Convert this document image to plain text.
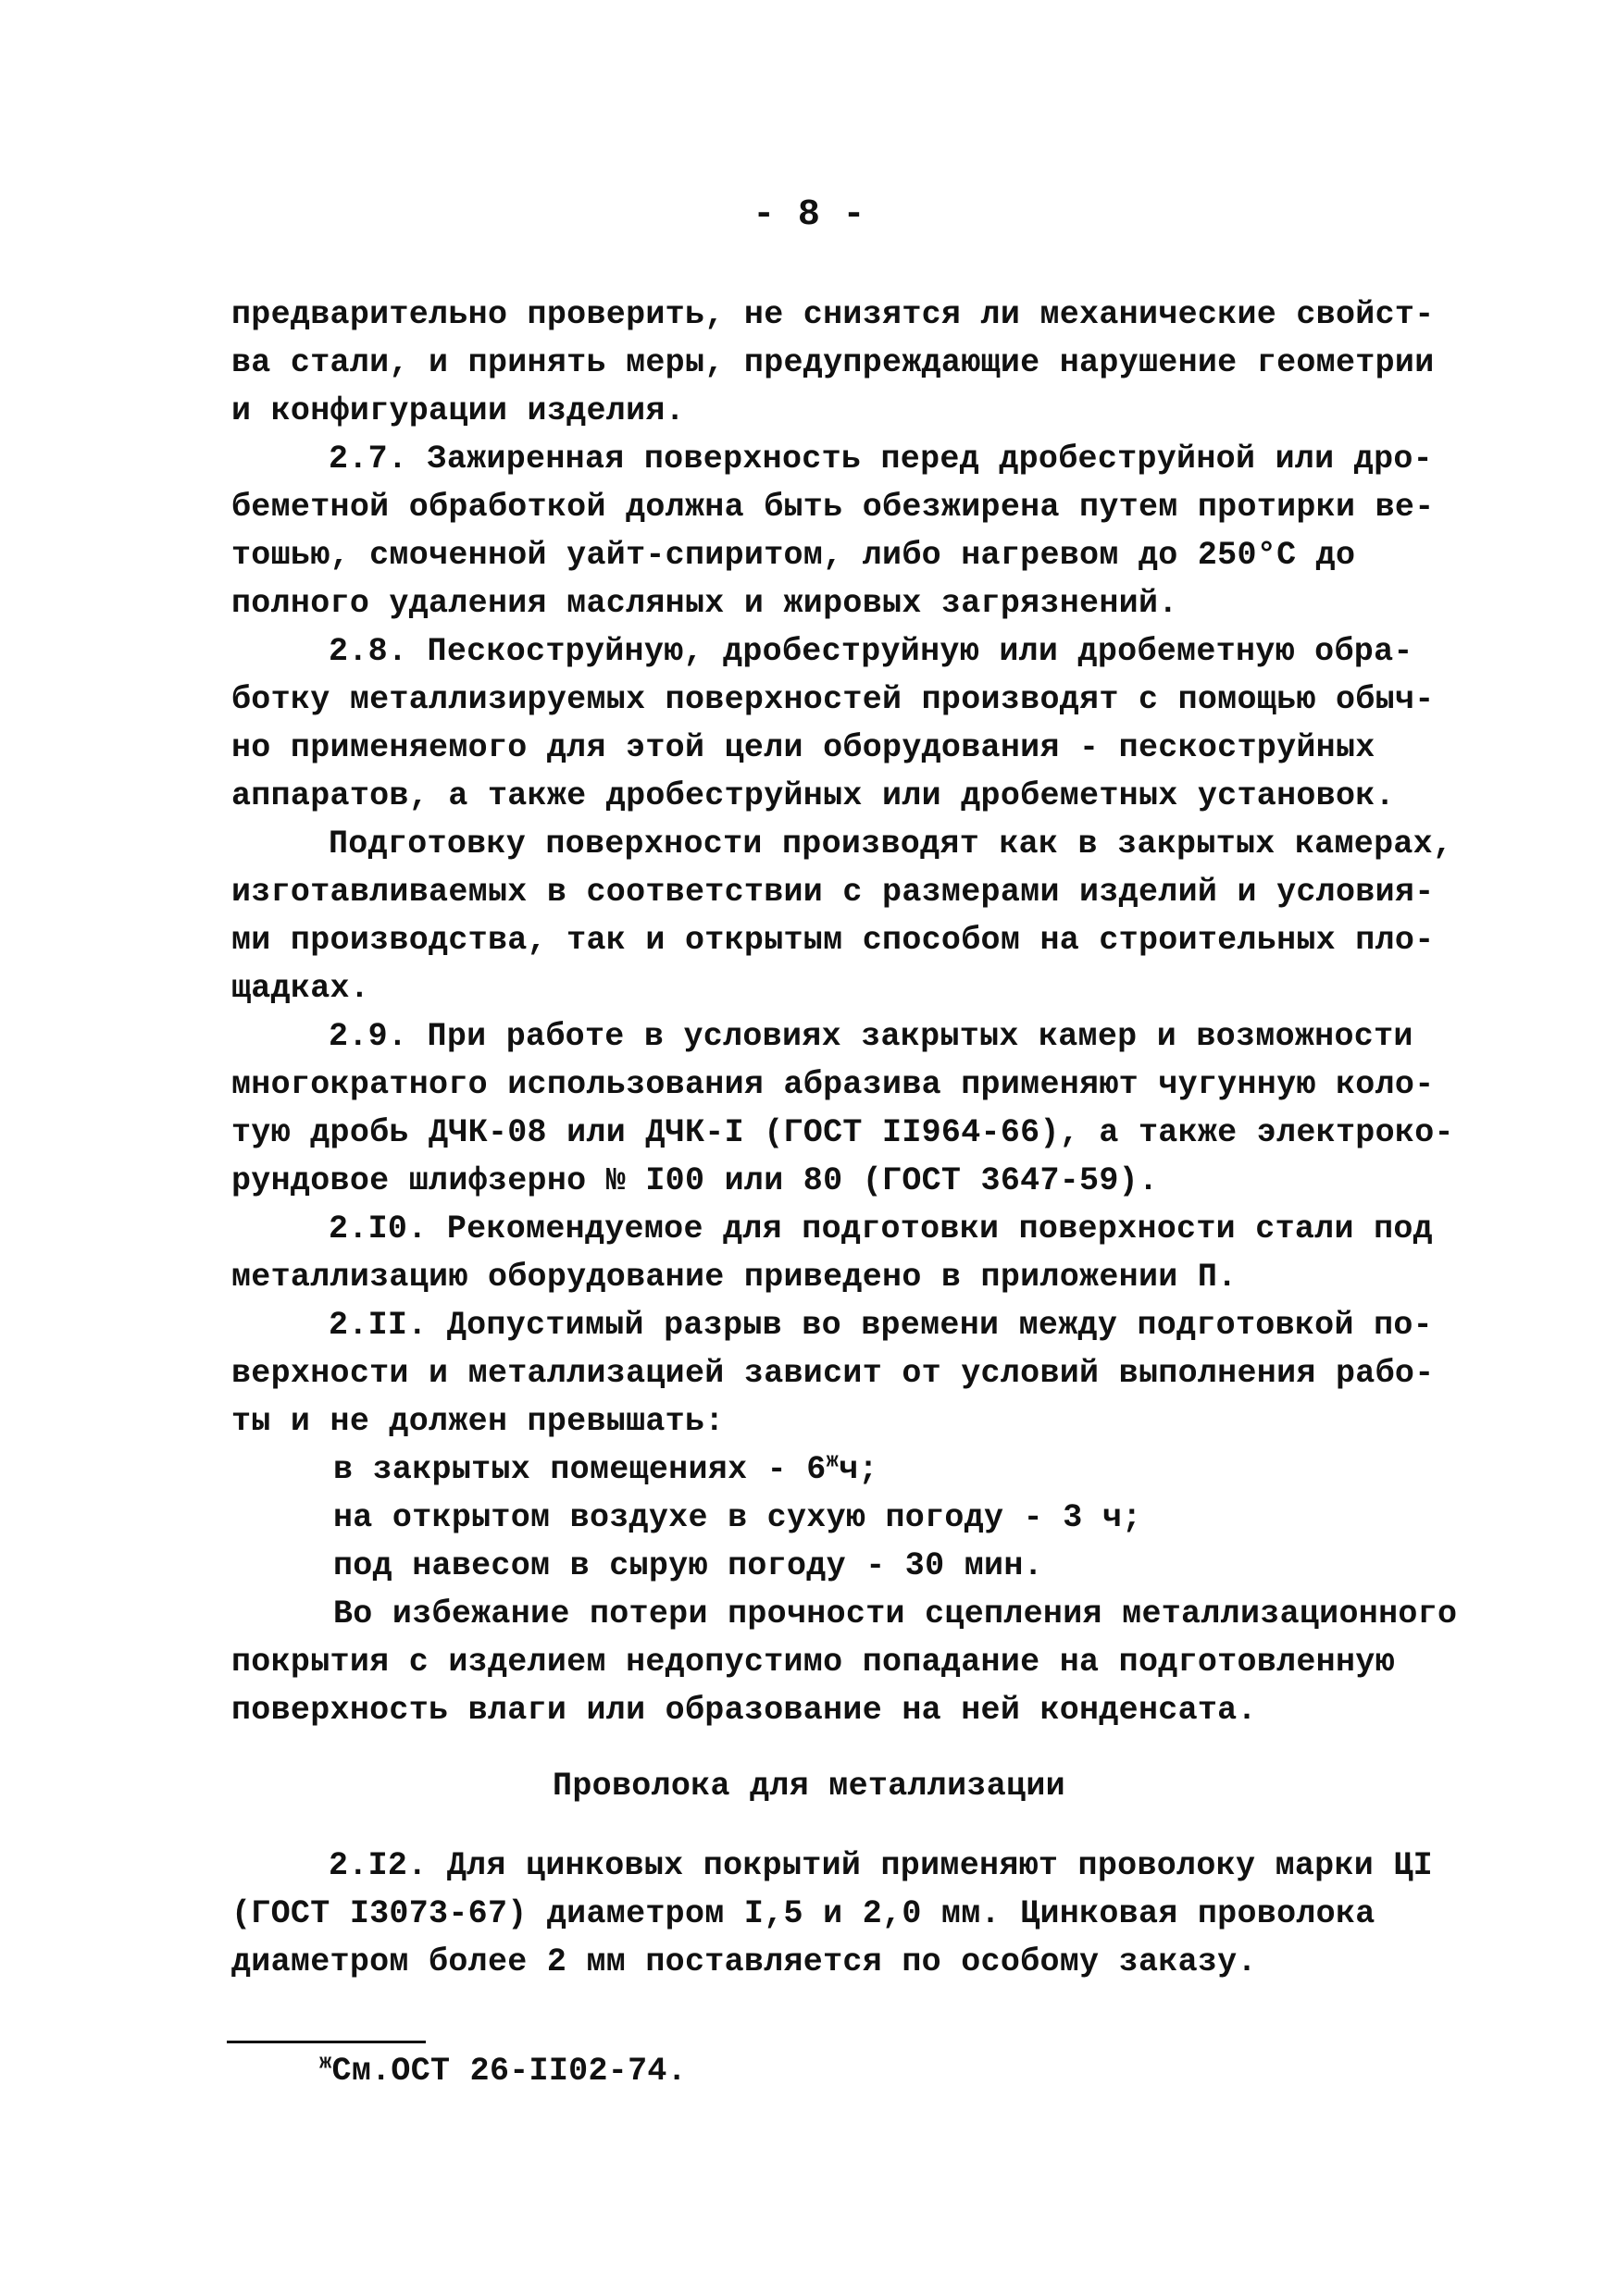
- 8 -
предварительно проверить, не снизятся ли механические свойст-
ва стали, и принять меры, предупреждающие нарушение геометрии
и конфигурации изделия.
2.7. Зажиренная поверхность перед дробеструйной или дро-
беметной обработкой должна быть обезжирена путем протирки ве-
тошью, смоченной уайт-спиритом, либо нагревом до 250°С до
полного удаления масляных и жировых загрязнений.
2.8. Пескоструйную, дробеструйную или дробеметную обра-
ботку металлизируемых поверхностей производят с помощью обыч-
но применяемого для этой цели оборудования - пескоструйных
аппаратов, а также дробеструйных или дробеметных установок.
Подготовку поверхности производят как в закрытых камерах,
изготавливаемых в соответствии с размерами изделий и условия-
ми производства, так и открытым способом на строительных пло-
щадках.
2.9. При работе в условиях закрытых камер и возможности
многократного использования абразива применяют чугунную коло-
тую дробь ДЧК-08 или ДЧК-I (ГОСТ II964-66), а также электроко-
рундовое шлифзерно № I00 или 80 (ГОСТ 3647-59).
2.I0. Рекомендуемое для подготовки поверхности стали под
металлизацию оборудование приведено в приложении П.
2.II. Допустимый разрыв во времени между подготовкой по-
верхности и металлизацией зависит от условий выполнения рабо-
ты и не должен превышать:
в закрытых помещениях - $6^жч$;
на открытом воздухе в сухую погоду - 3 ч;
под навесом в сырую погоду - 30 мин.
Во избежание потери прочности сцепления металлизационного
покрытия с изделием недопустимо попадание на подготовленную
поверхность влаги или образование на ней конденсата.
Проволока для металлизации
2.I2. Для цинковых покрытий применяют проволоку марки ЦI
(ГОСТ I3073-67) диаметром I,5 и 2,0 мм. Цинковая проволока
диаметром более 2 мм поставляется по особому заказу.
$^ж$См.ОСТ 26-II02-74.
